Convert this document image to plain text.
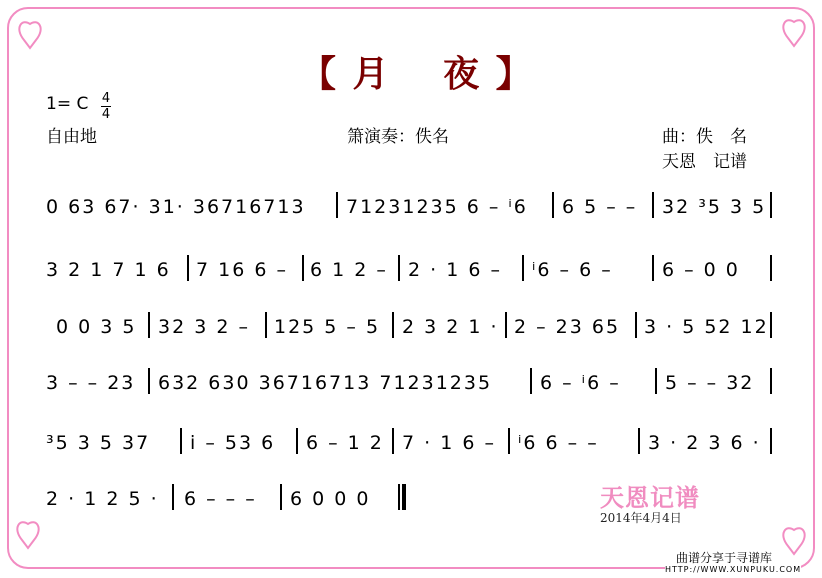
【 月 　夜 】
1= C 4
4
自由地	箫演奏：佚名	曲：佚　名
天恩　记谱
0 63 67· 31· 36716713 71231235 6 – ⁱ6 6 5 – – 32 ³5 3 5
3 2 1 7 1 6 7 16 6 – 6 1 2 – 2 · 1 6 – ⁱ6 – 6 –	6 – 0 0
0 0 3 5 32 3 2 – 125 5 – 5 2 3 2 1 · 2 – 23 65 3 · 5 52 12
3 – – 23 632 630 36716713 71231235	6 – ⁱ6 – 5 – – 32
³5 3 5 37 i – 53 6 6 – 1 2 7 · 1 6 – ⁱ6 6 – –	3 · 2 3 6 ·
2 · 1 2 5 · 6 – – – 6 0 0 0	天恩记谱
2014年4月4日
曲谱分享于寻谱库
HTTP://WWW.XUNPUKU.COM
